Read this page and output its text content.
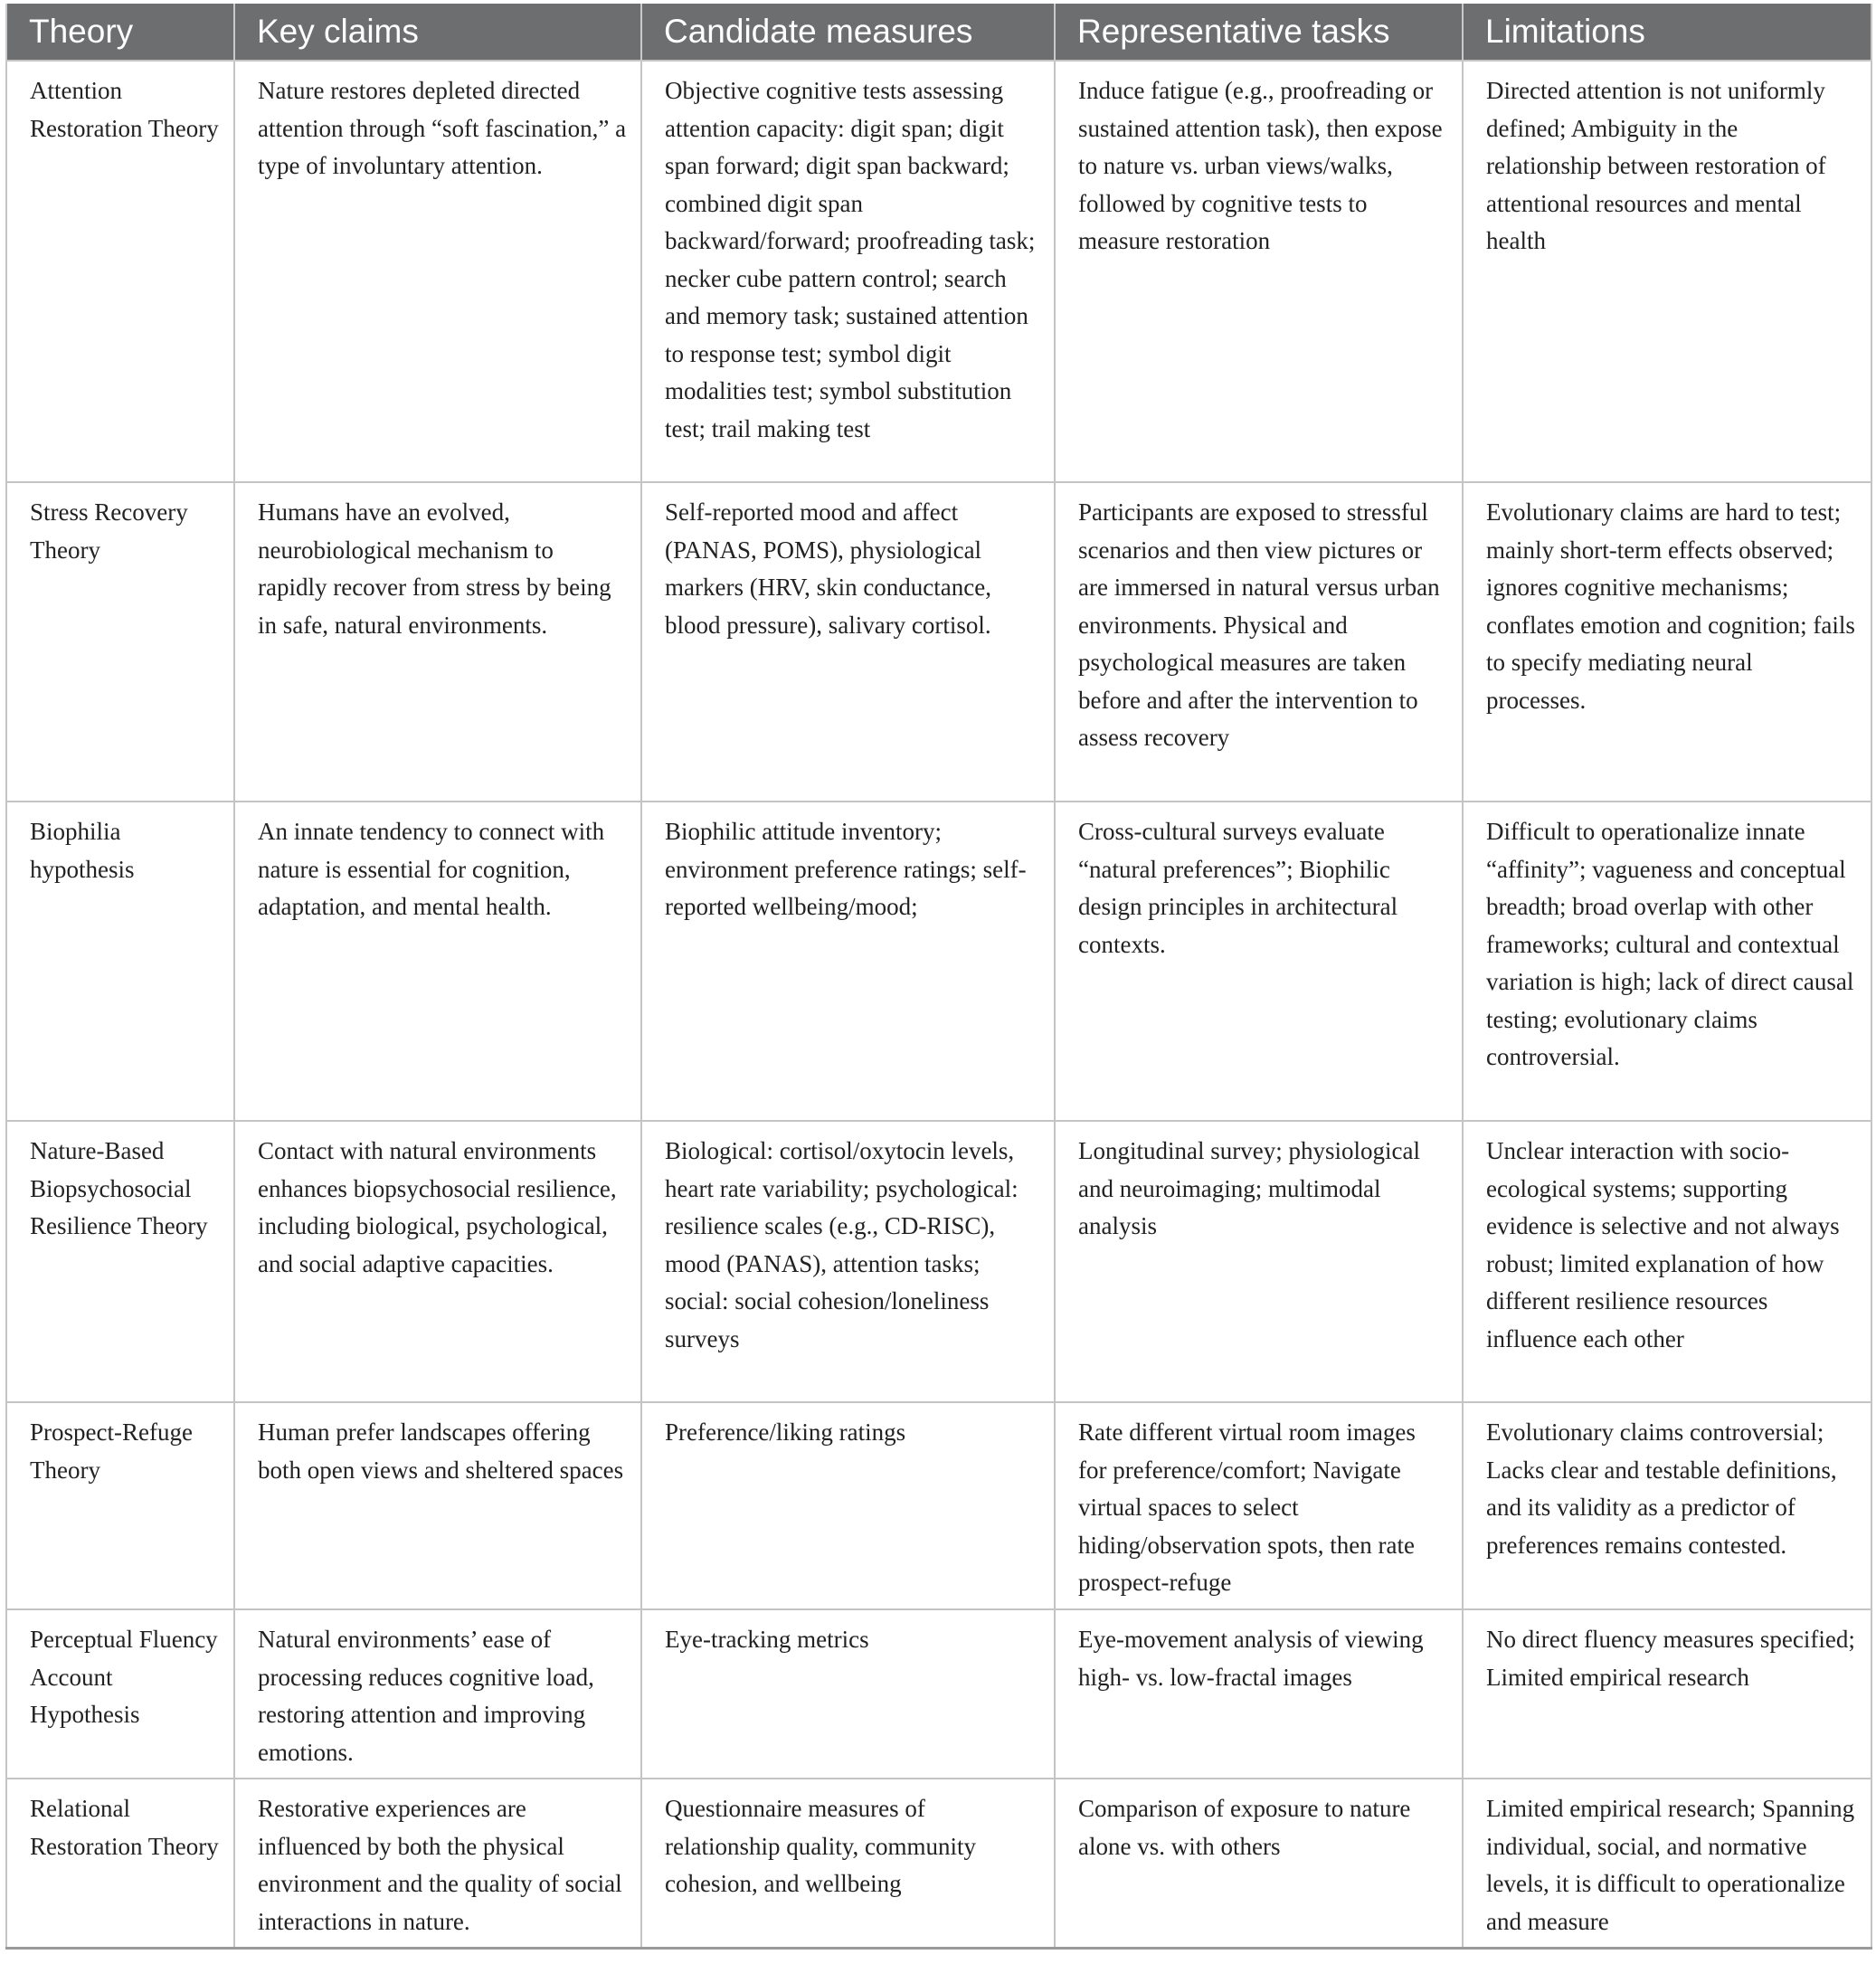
Theory	Key claims	Candidate measures	Representative tasks	Limitations
Attention Restoration Theory	Nature restores depleted directed attention through “soft fascination,” a type of involuntary attention.	Objective cognitive tests assessing attention capacity: digit span; digit span forward; digit span backward; combined digit span backward/forward; proofreading task; necker cube pattern control; search and memory task; sustained attention to response test; symbol digit modalities test; symbol substitution test; trail making test	Induce fatigue (e.g., proofreading or sustained attention task), then expose to nature vs. urban views/walks, followed by cognitive tests to measure restoration	Directed attention is not uniformly defined; Ambiguity in the relationship between restoration of attentional resources and mental health
Stress Recovery Theory	Humans have an evolved, neurobiological mechanism to rapidly recover from stress by being in safe, natural environments.	Self-reported mood and affect (PANAS, POMS), physiological markers (HRV, skin conductance, blood pressure), salivary cortisol.	Participants are exposed to stressful scenarios and then view pictures or are immersed in natural versus urban environments. Physical and psychological measures are taken before and after the intervention to assess recovery	Evolutionary claims are hard to test; mainly short-term effects observed; ignores cognitive mechanisms; conflates emotion and cognition; fails to specify mediating neural processes.
Biophilia hypothesis	An innate tendency to connect with nature is essential for cognition, adaptation, and mental health.	Biophilic attitude inventory; environment preference ratings; self-reported wellbeing/mood;	Cross-cultural surveys evaluate “natural preferences”; Biophilic design principles in architectural contexts.	Difficult to operationalize innate “affinity”; vagueness and conceptual breadth; broad overlap with other frameworks; cultural and contextual variation is high; lack of direct causal testing; evolutionary claims controversial.
Nature-Based Biopsychosocial Resilience Theory	Contact with natural environments enhances biopsychosocial resilience, including biological, psychological, and social adaptive capacities.	Biological: cortisol/oxytocin levels, heart rate variability; psychological: resilience scales (e.g., CD-RISC), mood (PANAS), attention tasks; social: social cohesion/loneliness surveys	Longitudinal survey; physiological and neuroimaging; multimodal analysis	Unclear interaction with socio-ecological systems; supporting evidence is selective and not always robust; limited explanation of how different resilience resources influence each other
Prospect-Refuge Theory	Human prefer landscapes offering both open views and sheltered spaces	Preference/liking ratings	Rate different virtual room images for preference/comfort; Navigate virtual spaces to select hiding/observation spots, then rate prospect-refuge	Evolutionary claims controversial; Lacks clear and testable definitions, and its validity as a predictor of preferences remains contested.
Perceptual Fluency Account Hypothesis	Natural environments’ ease of processing reduces cognitive load, restoring attention and improving emotions.	Eye-tracking metrics	Eye-movement analysis of viewing high- vs. low-fractal images	No direct fluency measures specified; Limited empirical research
Relational Restoration Theory	Restorative experiences are influenced by both the physical environment and the quality of social interactions in nature.	Questionnaire measures of relationship quality, community cohesion, and wellbeing	Comparison of exposure to nature alone vs. with others	Limited empirical research; Spanning individual, social, and normative levels, it is difficult to operationalize and measure
